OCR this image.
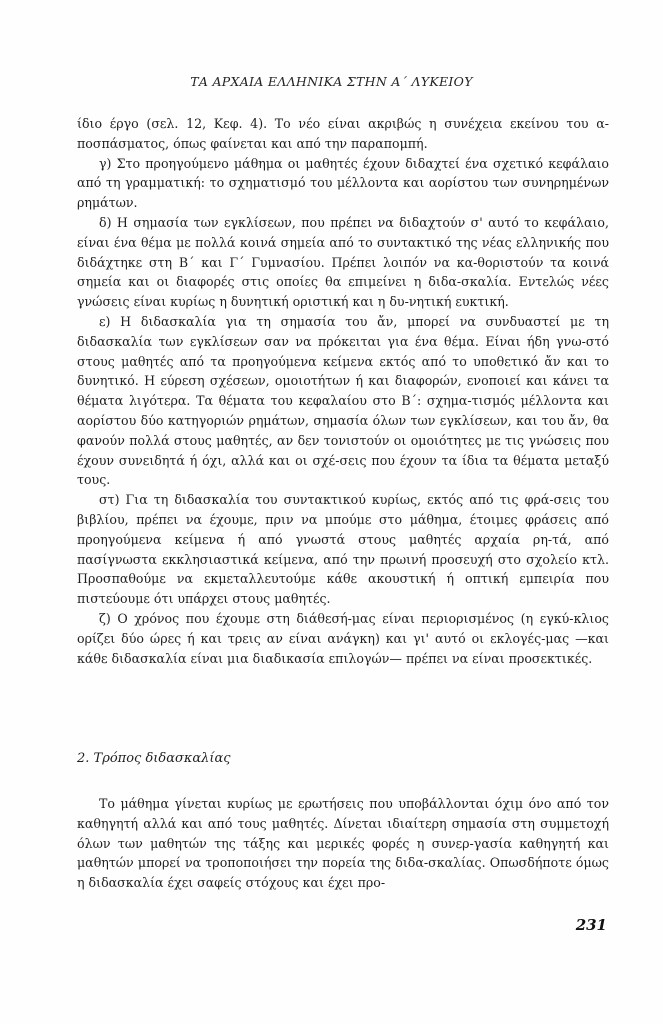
ΤΑ ΑΡΧΑΙΑ ΕΛΛΗΝΙΚΑ ΣΤΗΝ Α΄ ΛΥΚΕΙΟΥ

ίδιο έργο (σελ. 12, Κεφ. 4). Το νέο είναι ακριβώς η συνέχεια εκείνου του α-ποσπάσματος, όπως φαίνεται και από την παραπομπή.

γ) Στο προηγούμενο μάθημα οι μαθητές έχουν διδαχτεί ένα σχετικό κεφάλαιο από τη γραμματική: το σχηματισμό του μέλλοντα και αορίστου των συνηρημένων ρημάτων.

δ) Η σημασία των εγκλίσεων, που πρέπει να διδαχτούν σ' αυτό το κεφάλαιο, είναι ένα θέμα με πολλά κοινά σημεία από το συντακτικό της νέας ελληνικής που διδάχτηκε στη Β΄ και Γ΄ Γυμνασίου. Πρέπει λοιπόν να κα-θοριστούν τα κοινά σημεία και οι διαφορές στις οποίες θα επιμείνει η διδα-σκαλία. Εντελώς νέες γνώσεις είναι κυρίως η δυνητική οριστική και η δυ-νητική ευκτική.

ε) Η διδασκαλία για τη σημασία του ἄν, μπορεί να συνδυαστεί με τη διδασκαλία των εγκλίσεων σαν να πρόκειται για ένα θέμα. Είναι ήδη γνω-στό στους μαθητές από τα προηγούμενα κείμενα εκτός από το υποθετικό ἄν και το δυνητικό. Η εύρεση σχέσεων, ομοιοτήτων ή και διαφορών, ενοποιεί και κάνει τα θέματα λιγότερα. Τα θέματα του κεφαλαίου στο Β΄: σχημα-τισμός μέλλοντα και αορίστου δύο κατηγοριών ρημάτων, σημασία όλων των εγκλίσεων, και του ἄν, θα φανούν πολλά στους μαθητές, αν δεν τονιστούν οι ομοιότητες με τις γνώσεις που έχουν συνειδητά ή όχι, αλλά και οι σχέ-σεις που έχουν τα ίδια τα θέματα μεταξύ τους.

στ) Για τη διδασκαλία του συντακτικού κυρίως, εκτός από τις φρά-σεις του βιβλίου, πρέπει να έχουμε, πριν να μπούμε στο μάθημα, έτοιμες φράσεις από προηγούμενα κείμενα ή από γνωστά στους μαθητές αρχαία ρη-τά, από πασίγνωστα εκκλησιαστικά κείμενα, από την πρωινή προσευχή στο σχολείο κτλ. Προσπαθούμε να εκμεταλλευτούμε κάθε ακουστική ή οπτική εμπειρία που πιστεύουμε ότι υπάρχει στους μαθητές.

ζ) Ο χρόνος που έχουμε στη διάθεσή-μας είναι περιορισμένος (η εγκύ-κλιος ορίζει δύο ώρες ή και τρεις αν είναι ανάγκη) και γι' αυτό οι εκλογές-μας —και κάθε διδασκαλία είναι μια διαδικασία επιλογών— πρέπει να είναι προσεκτικές.

2. Τρόπος διδασκαλίας

Το μάθημα γίνεται κυρίως με ερωτήσεις που υποβάλλονται όχιμ όνο από τον καθηγητή αλλά και από τους μαθητές. Δίνεται ιδιαίτερη σημασία στη συμμετοχή όλων των μαθητών της τάξης και μερικές φορές η συνερ-γασία καθηγητή και μαθητών μπορεί να τροποποιήσει την πορεία της διδα-σκαλίας. Οπωσδήποτε όμως η διδασκαλία έχει σαφείς στόχους και έχει προ-

231
